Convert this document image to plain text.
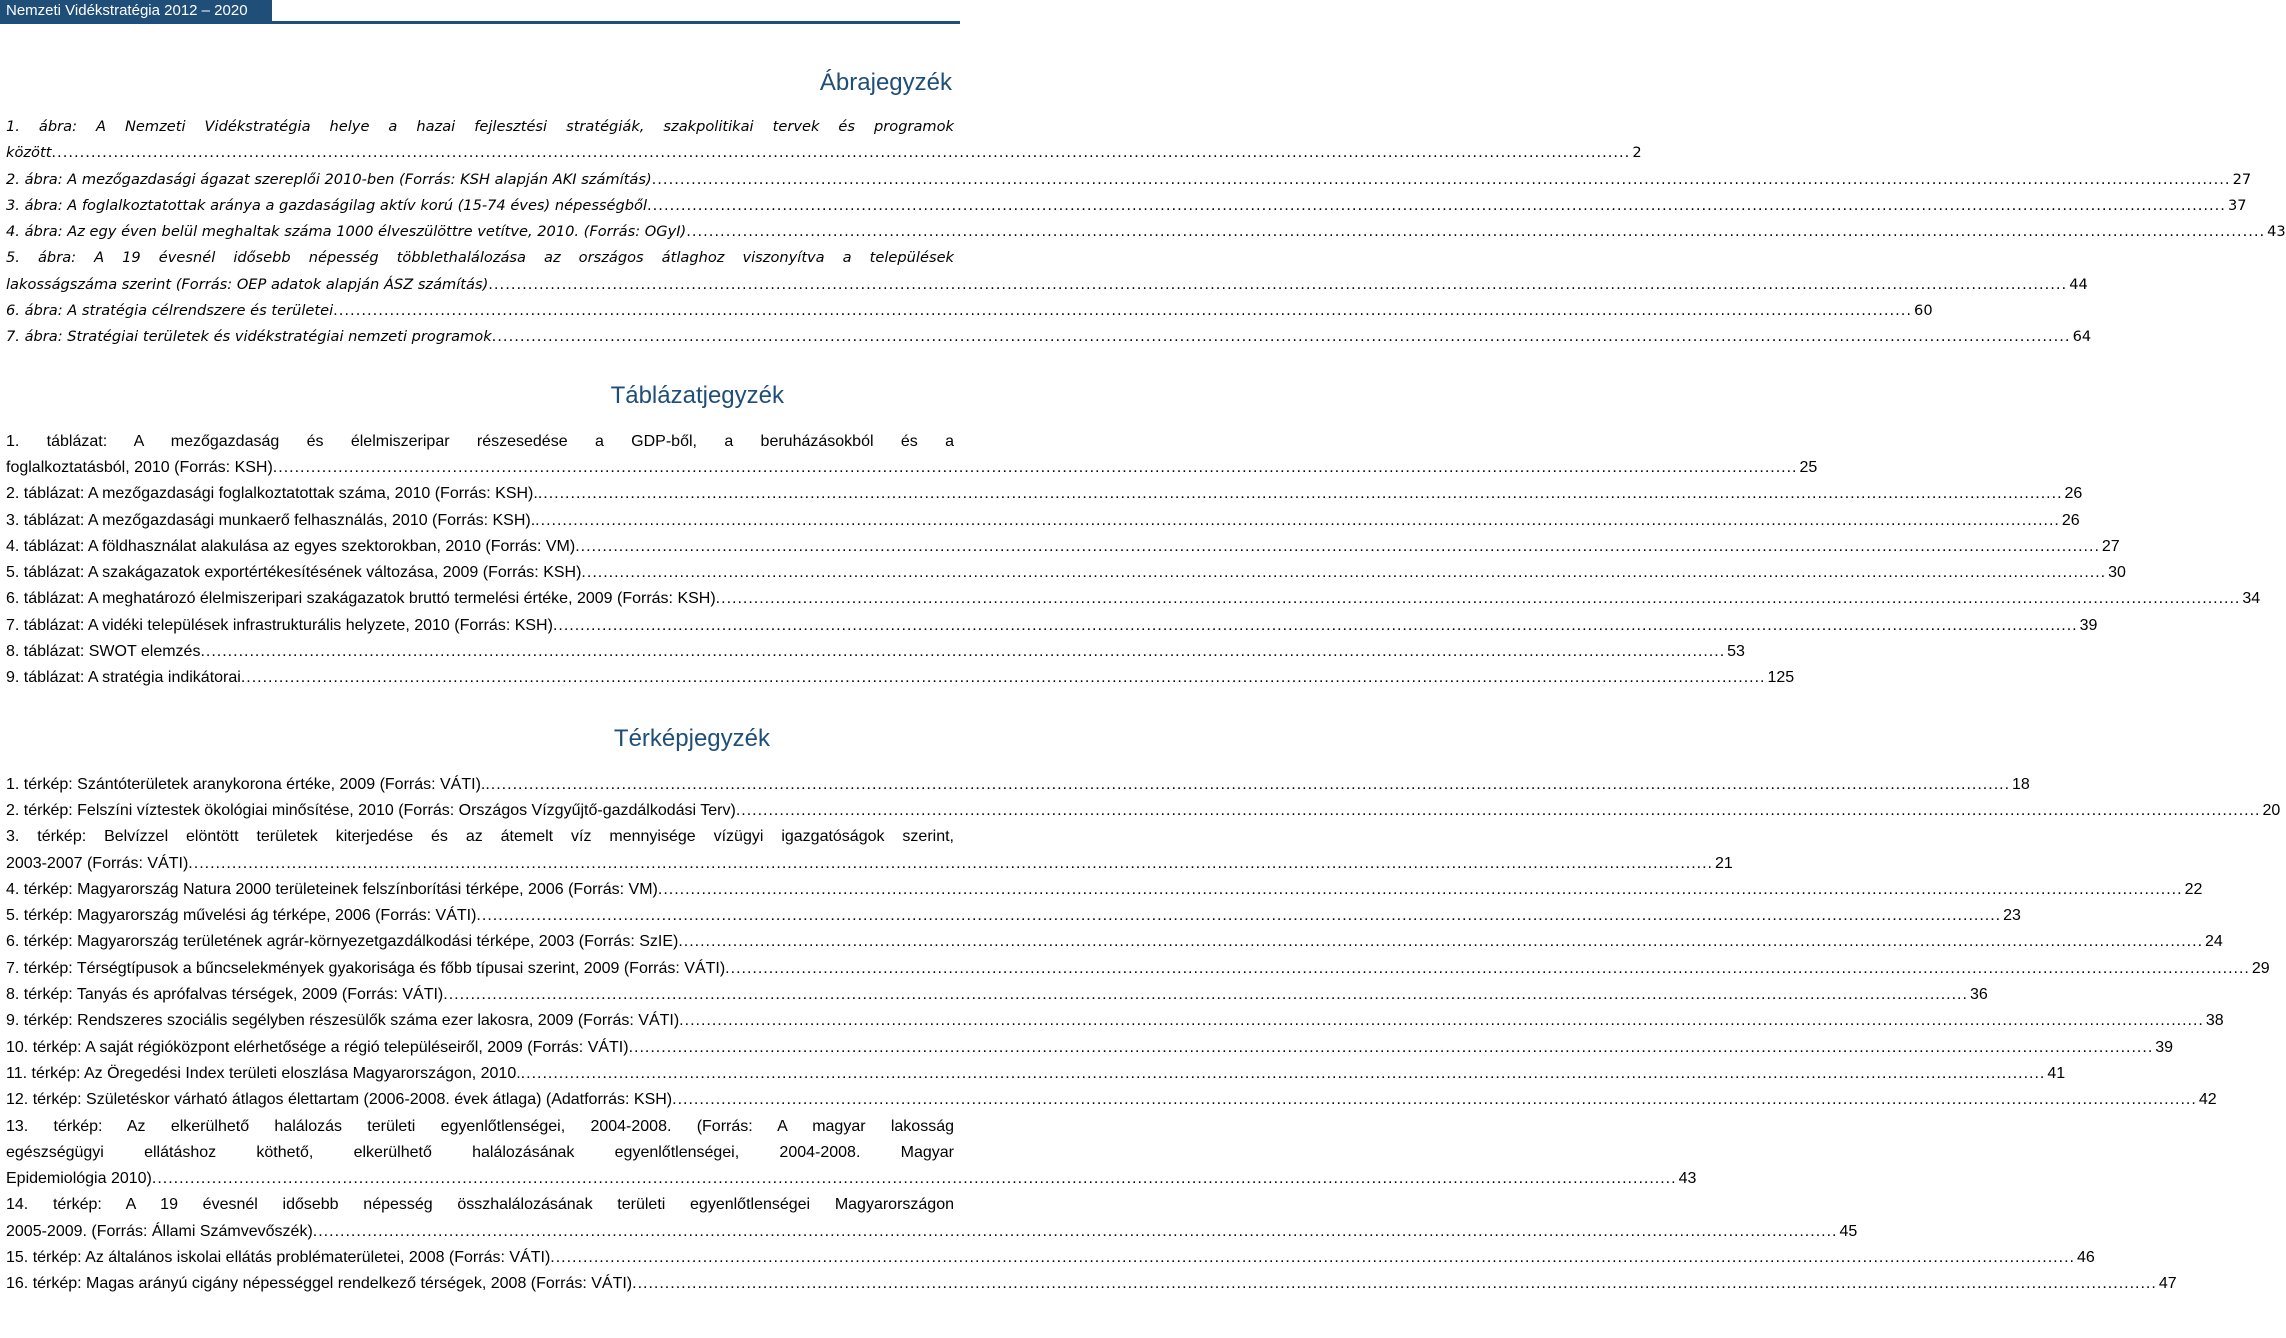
Nemzeti Vidékstratégia 2012 – 2020
Ábrajegyzék
1. ábra: A Nemzeti Vidékstratégia helye a hazai fejlesztési stratégiák, szakpolitikai tervek és programok
között .....	2
2. ábra: A mezőgazdasági ágazat szereplői 2010-ben (Forrás: KSH alapján AKI számítás) .....	27
3. ábra: A foglalkoztatottak aránya a gazdaságilag aktív korú (15-74 éves) népességből .....	37
4. ábra: Az egy éven belül meghaltak száma 1000 élveszülöttre vetítve, 2010. (Forrás: OGyI) .....	43
5. ábra: A 19 évesnél idősebb népesség többlethalálozása az országos átlaghoz viszonyítva a települések
lakosságszáma szerint (Forrás: OEP adatok alapján ÁSZ számítás) .....	44
6. ábra: A stratégia célrendszere és területei .....	60
7. ábra: Stratégiai területek és vidékstratégiai nemzeti programok .....	64
Táblázatjegyzék
1. táblázat: A mezőgazdaság és élelmiszeripar részesedése a GDP-ből, a beruházásokból és a
foglalkoztatásból, 2010 (Forrás: KSH) .....	25
2. táblázat: A mezőgazdasági foglalkoztatottak száma, 2010 (Forrás: KSH). .....	26
3. táblázat: A mezőgazdasági munkaerő felhasználás, 2010 (Forrás: KSH). .....	26
4. táblázat: A földhasználat alakulása az egyes szektorokban, 2010 (Forrás: VM) .....	27
5. táblázat: A szakágazatok exportértékesítésének változása, 2009 (Forrás: KSH) .....	30
6. táblázat: A meghatározó élelmiszeripari szakágazatok bruttó termelési értéke, 2009 (Forrás: KSH) .....	34
7. táblázat: A vidéki települések infrastrukturális helyzete, 2010 (Forrás: KSH) .....	39
8. táblázat: SWOT elemzés .....	53
9. táblázat: A stratégia indikátorai .....	125
Térképjegyzék
1. térkép: Szántóterületek aranykorona értéke, 2009 (Forrás: VÁTI). .....	18
2. térkép: Felszíni víztestek ökológiai minősítése, 2010 (Forrás: Országos Vízgyűjtő-gazdálkodási Terv) .....	20
3. térkép: Belvízzel elöntött területek kiterjedése és az átemelt víz mennyisége vízügyi igazgatóságok szerint,
2003-2007 (Forrás: VÁTI) .....	21
4. térkép: Magyarország Natura 2000 területeinek felszínborítási térképe, 2006 (Forrás: VM) .....	22
5. térkép: Magyarország művelési ág térképe, 2006 (Forrás: VÁTI) .....	23
6. térkép: Magyarország területének agrár-környezetgazdálkodási térképe, 2003 (Forrás: SzIE) .....	24
7. térkép: Térségtípusok a bűncselekmények gyakorisága és főbb típusai szerint, 2009 (Forrás: VÁTI) .....	29
8. térkép: Tanyás és aprófalvas térségek, 2009 (Forrás: VÁTI) .....	36
9. térkép: Rendszeres szociális segélyben részesülők száma ezer lakosra, 2009 (Forrás: VÁTI) .....	38
10. térkép: A saját régióközpont elérhetősége a régió településeiről, 2009 (Forrás: VÁTI) .....	39
11. térkép: Az Öregedési Index területi eloszlása Magyarországon, 2010. .....	41
12. térkép: Születéskor várható átlagos élettartam (2006-2008. évek átlaga) (Adatforrás: KSH) .....	42
13. térkép: Az elkerülhető halálozás területi egyenlőtlenségei, 2004-2008. (Forrás: A magyar lakosság
egészségügyi ellátáshoz köthető, elkerülhető halálozásának egyenlőtlenségei, 2004-2008. Magyar
Epidemiológia 2010) .....	43
14. térkép: A 19 évesnél idősebb népesség összhalálozásának területi egyenlőtlenségei Magyarországon
2005-2009. (Forrás: Állami Számvevőszék) .....	45
15. térkép: Az általános iskolai ellátás problématerületei, 2008 (Forrás: VÁTI) .....	46
16. térkép: Magas arányú cigány népességgel rendelkező térségek, 2008 (Forrás: VÁTI) .....	47
